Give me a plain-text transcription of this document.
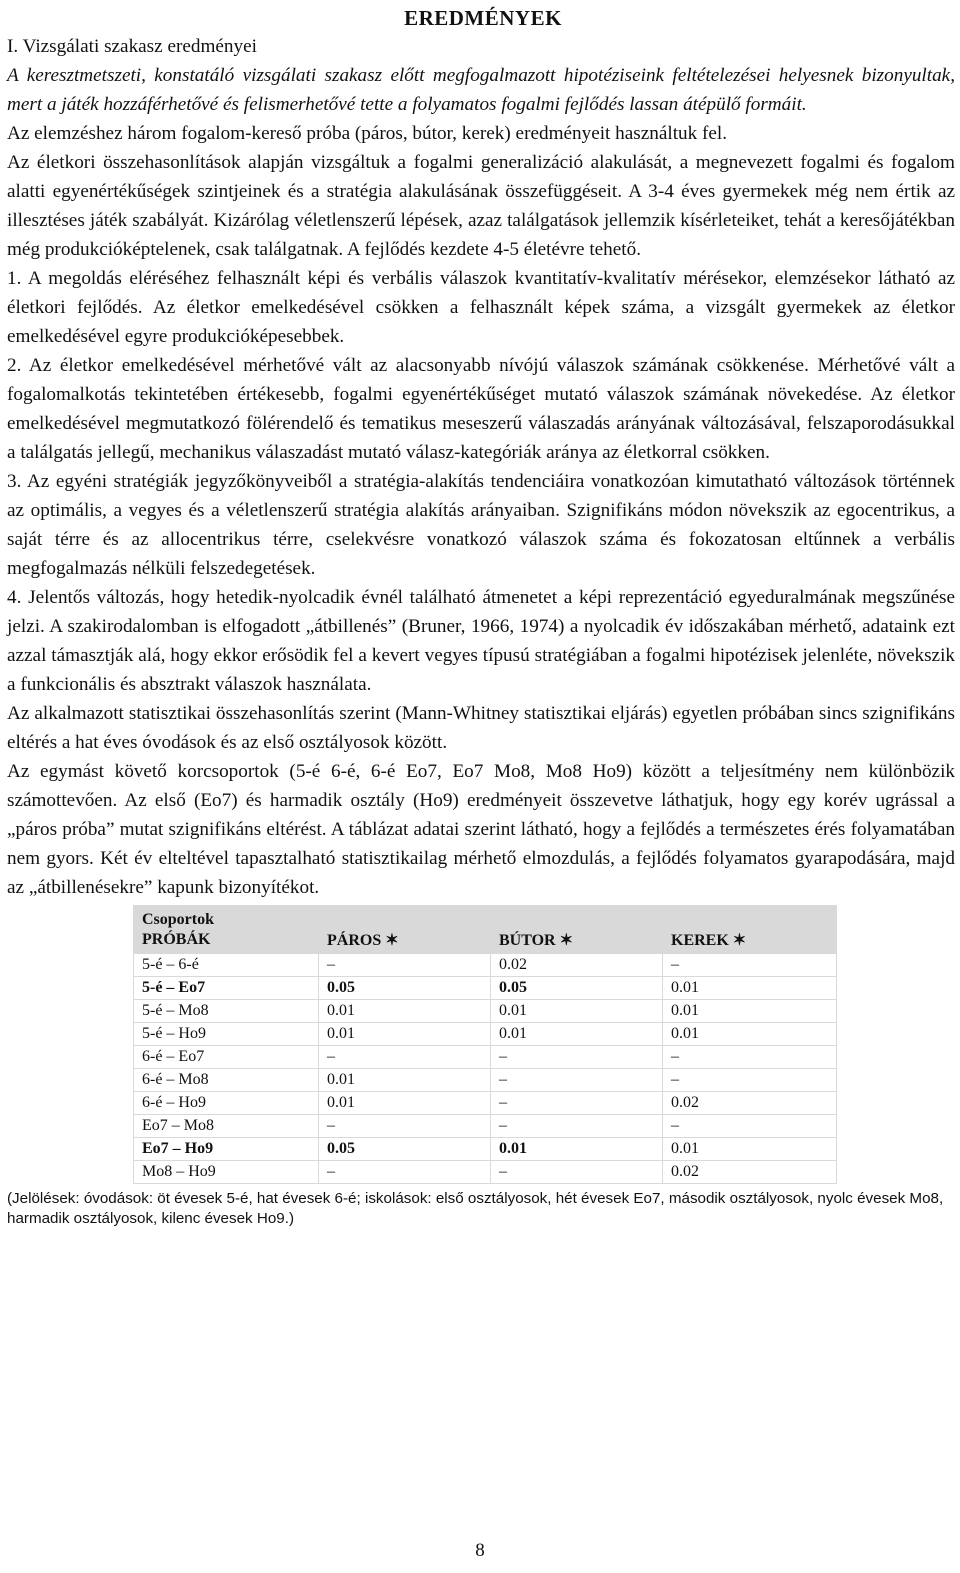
EREDMÉNYEK

I. Vizsgálati szakasz eredményei

A keresztmetszeti, konstatáló vizsgálati szakasz előtt megfogalmazott hipotéziseink feltételezései helyesnek bizonyultak, mert a játék hozzáférhetővé és felismerhetővé tette a folyamatos fogalmi fejlődés lassan átépülő formáit.

Az elemzéshez három fogalom-kereső próba (páros, bútor, kerek) eredményeit használtuk fel.

Az életkori összehasonlítások alapján vizsgáltuk a fogalmi generalizáció alakulását, a megnevezett fogalmi és fogalom alatti egyenértékűségek szintjeinek és a stratégia alakulásának összefüggéseit. A 3-4 éves gyermekek még nem értik az illesztéses játék szabályát. Kizárólag véletlenszerű lépések, azaz találgatások jellemzik kísérleteiket, tehát a keresőjátékban még produkcióképtelenek, csak találgatnak. A fejlődés kezdete 4-5 életévre tehető.

1. A megoldás eléréséhez felhasznált képi és verbális válaszok kvantitatív-kvalitatív mérésekor, elemzésekor látható az életkori fejlődés. Az életkor emelkedésével csökken a felhasznált képek száma, a vizsgált gyermekek az életkor emelkedésével egyre produkcióképesebbek.

2. Az életkor emelkedésével mérhetővé vált az alacsonyabb nívójú válaszok számának csökkenése. Mérhetővé vált a fogalomalkotás tekintetében értékesebb, fogalmi egyenértékűséget mutató válaszok számának növekedése. Az életkor emelkedésével megmutatkozó fölérendelő és tematikus meseszerű válaszadás arányának változásával, felszaporodásukkal a találgatás jellegű, mechanikus válaszadást mutató válasz-kategóriák aránya az életkorral csökken.

3. Az egyéni stratégiák jegyzőkönyveiből a stratégia-alakítás tendenciáira vonatkozóan kimutatható változások történnek az optimális, a vegyes és a véletlenszerű stratégia alakítás arányaiban. Szignifikáns módon növekszik az egocentrikus, a saját térre és az allocentrikus térre, cselekvésre vonatkozó válaszok száma és fokozatosan eltűnnek a verbális megfogalmazás nélküli felszedegetések.

4. Jelentős változás, hogy hetedik-nyolcadik évnél található átmenetet a képi reprezentáció egyeduralmának megszűnése jelzi. A szakirodalomban is elfogadott „átbillenés” (Bruner, 1966, 1974) a nyolcadik év időszakában mérhető, adataink ezt azzal támasztják alá, hogy ekkor erősödik fel a kevert vegyes típusú stratégiában a fogalmi hipotézisek jelenléte, növekszik a funkcionális és absztrakt válaszok használata.

Az alkalmazott statisztikai összehasonlítás szerint (Mann-Whitney statisztikai eljárás) egyetlen próbában sincs szignifikáns eltérés a hat éves óvodások és az első osztályosok között.

Az egymást követő korcsoportok (5-é 6-é, 6-é Eo7, Eo7 Mo8, Mo8 Ho9) között a teljesítmény nem különbözik számottevően. Az első (Eo7) és harmadik osztály (Ho9) eredményeit összevetve láthatjuk, hogy egy korév ugrással a „páros próba” mutat szignifikáns eltérést. A táblázat adatai szerint látható, hogy a fejlődés a természetes érés folyamatában nem gyors. Két év elteltével tapasztalható statisztikailag mérhető elmozdulás, a fejlődés folyamatos gyarapodására, majd az „átbillenésekre” kapunk bizonyítékot.

Csoportok
PRÓBÁK	PÁROS ✶	BÚTOR ✶	KEREK ✶
5-é – 6-é	–	0.02	–
5-é – Eo7	0.05	0.05	0.01
5-é – Mo8	0.01	0.01	0.01
5-é – Ho9	0.01	0.01	0.01
6-é – Eo7	–	–	–
6-é – Mo8	0.01	–	–
6-é – Ho9	0.01	–	0.02
Eo7 – Mo8	–	–	–
Eo7 – Ho9	0.05	0.01	0.01
Mo8 – Ho9	–	–	0.02

(Jelölések: óvodások: öt évesek 5-é, hat évesek 6-é; iskolások: első osztályosok, hét évesek Eo7, második osztályosok, nyolc évesek Mo8, harmadik osztályosok, kilenc évesek Ho9.)

8
